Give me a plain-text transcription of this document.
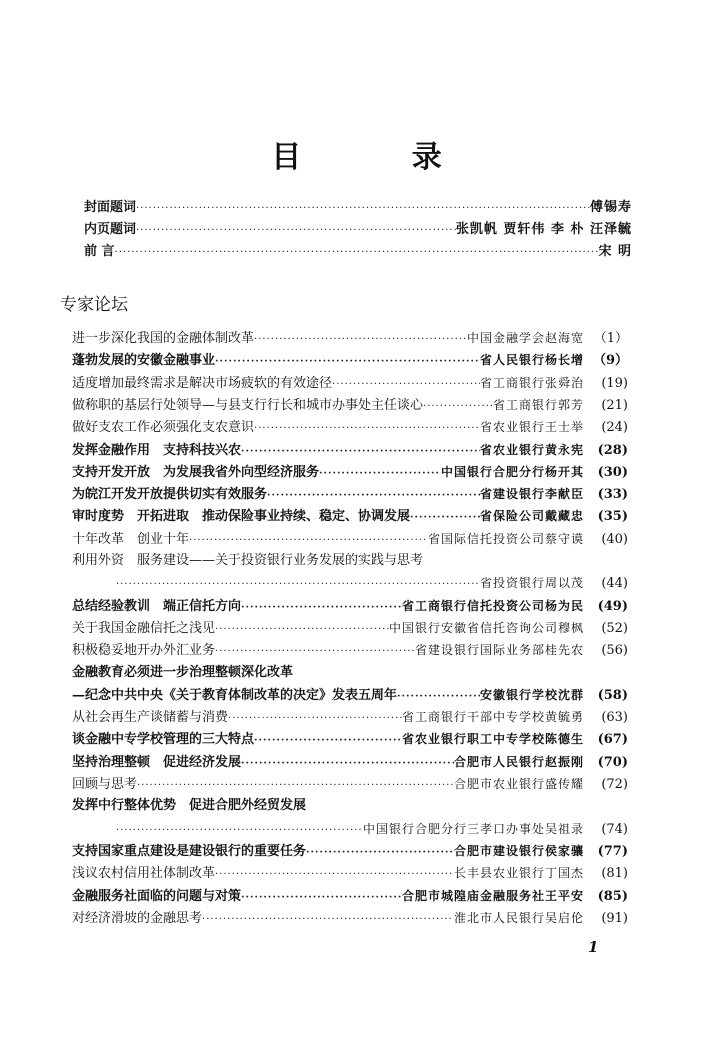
目 录
封面题词 ·····	傅锡寿
内页题词 ·····	张凯帆 贾轩伟 李 朴 汪泽毓
前 言 ·····	宋 明
专家论坛
进一步深化我国的金融体制改革 ·····	中国金融学会赵海宽 （1）
蓬勃发展的安徽金融事业 ·····	省人民银行杨长增 （9）
适度增加最终需求是解决市场疲软的有效途径 ·····	省工商银行张舜治	(19)
做称职的基层行处领导—与县支行行长和城市办事处主任谈心 ·····	省工商银行郭芳	(21)
做好支农工作必须强化支农意识 ·····	省农业银行王士举	(24)
发挥金融作用　支持科技兴农 ·····	省农业银行黄永宪	(28)
支持开发开放　为发展我省外向型经济服务 ·····	中国银行合肥分行杨开其	(30)
为皖江开发开放提供切实有效服务 ·····	省建设银行李献臣	(33)
审时度势　开拓进取　推动保险事业持续、稳定、协调发展 ·····	省保险公司戴藏忠	(35)
十年改革　创业十年 ·····	省国际信托投资公司蔡守谟	(40)
利用外资　服务建设——关于投资银行业务发展的实践与思考
·····
省投资银行周以茂	(44)
总结经验教训　端正信托方向 ·····	省工商银行信托投资公司杨为民	(49)
关于我国金融信托之浅见 ·····	中国银行安徽省信托咨询公司穆枫	(52)
积极稳妥地开办外汇业务 ·····	省建设银行国际业务部桂先农	(56)
金融教育必须进一步治理整顿深化改革
—纪念中共中央《关于教育体制改革的决定》发表五周年 ·····	安徽银行学校沈群	(58)
从社会再生产谈储蓄与消费 ·····	省工商银行干部中专学校黄毓勇	(63)
谈金融中专学校管理的三大特点 ·····	省农业银行职工中专学校陈德生	(67)
坚持治理整顿　促进经济发展 ·····	合肥市人民银行赵振刚	(70)
回顾与思考 ·····	合肥市农业银行盛传耀	(72)
发挥中行整体优势　促进合肥外经贸发展
·····
中国银行合肥分行三孝口办事处吴祖录	(74)
支持国家重点建设是建设银行的重要任务 ·····	合肥市建设银行侯家骧	(77)
浅议农村信用社体制改革 ·····	长丰县农业银行丁国杰	(81)
金融服务社面临的问题与对策 ·····	合肥市城隍庙金融服务社王平安	(85)
对经济滑坡的金融思考 ·····	淮北市人民银行吴启伦	(91)
1
